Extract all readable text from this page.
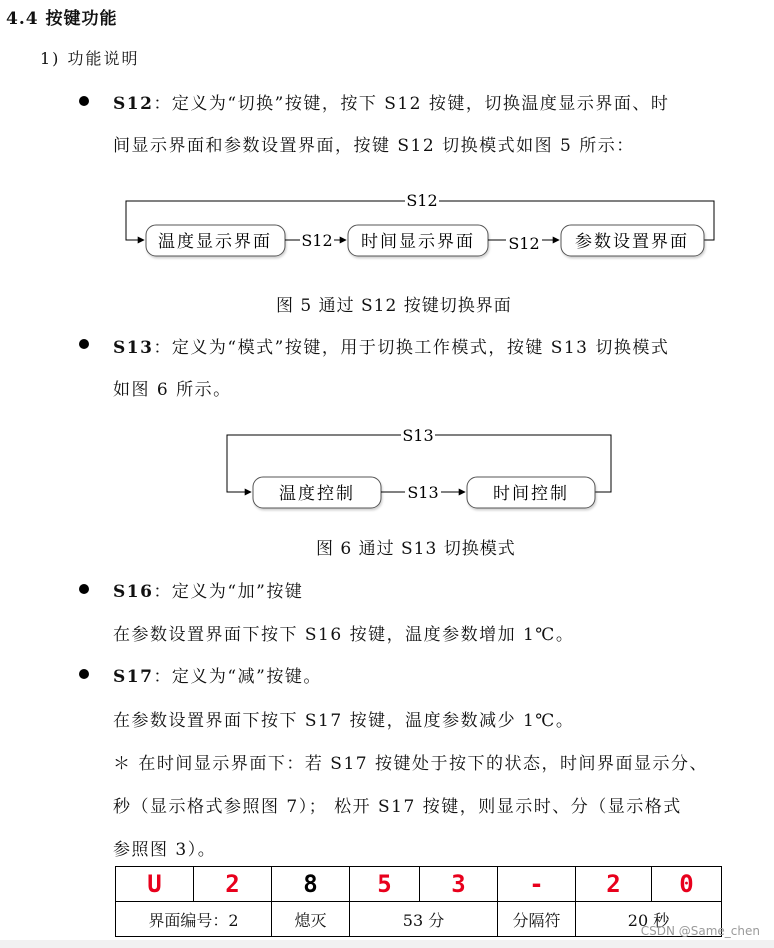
4.4 按键功能
1) 功能说明
S12：定义为“切换”按键，按下 S12 按键，切换温度显示界面、时
间显示界面和参数设置界面，按键 S12 切换模式如图 5 所示：
S12
温度显示界面	时间显示界面	参数设置界面
S12	S12
图 5 通过 S12 按键切换界面
S13：定义为“模式”按键，用于切换工作模式，按键 S13 切换模式
如图 6 所示。
S13
温度控制	时间控制
S13
图 6 通过 S13 切换模式
S16：定义为“加”按键
在参数设置界面下按下 S16 按键，温度参数增加 1℃。
S17：定义为“减”按键。
在参数设置界面下按下 S17 按键，温度参数减少 1℃。
＊ 在时间显示界面下：若 S17 按键处于按下的状态，时间界面显示分、
秒（显示格式参照图 7）； 松开 S17 按键，则显示时、分（显示格式
参照图 3）。
U	2	8	5	3	-	2	0
界面编号：2		熄灭	53 分		分隔符	20 秒	
CSDN @Same_chen
